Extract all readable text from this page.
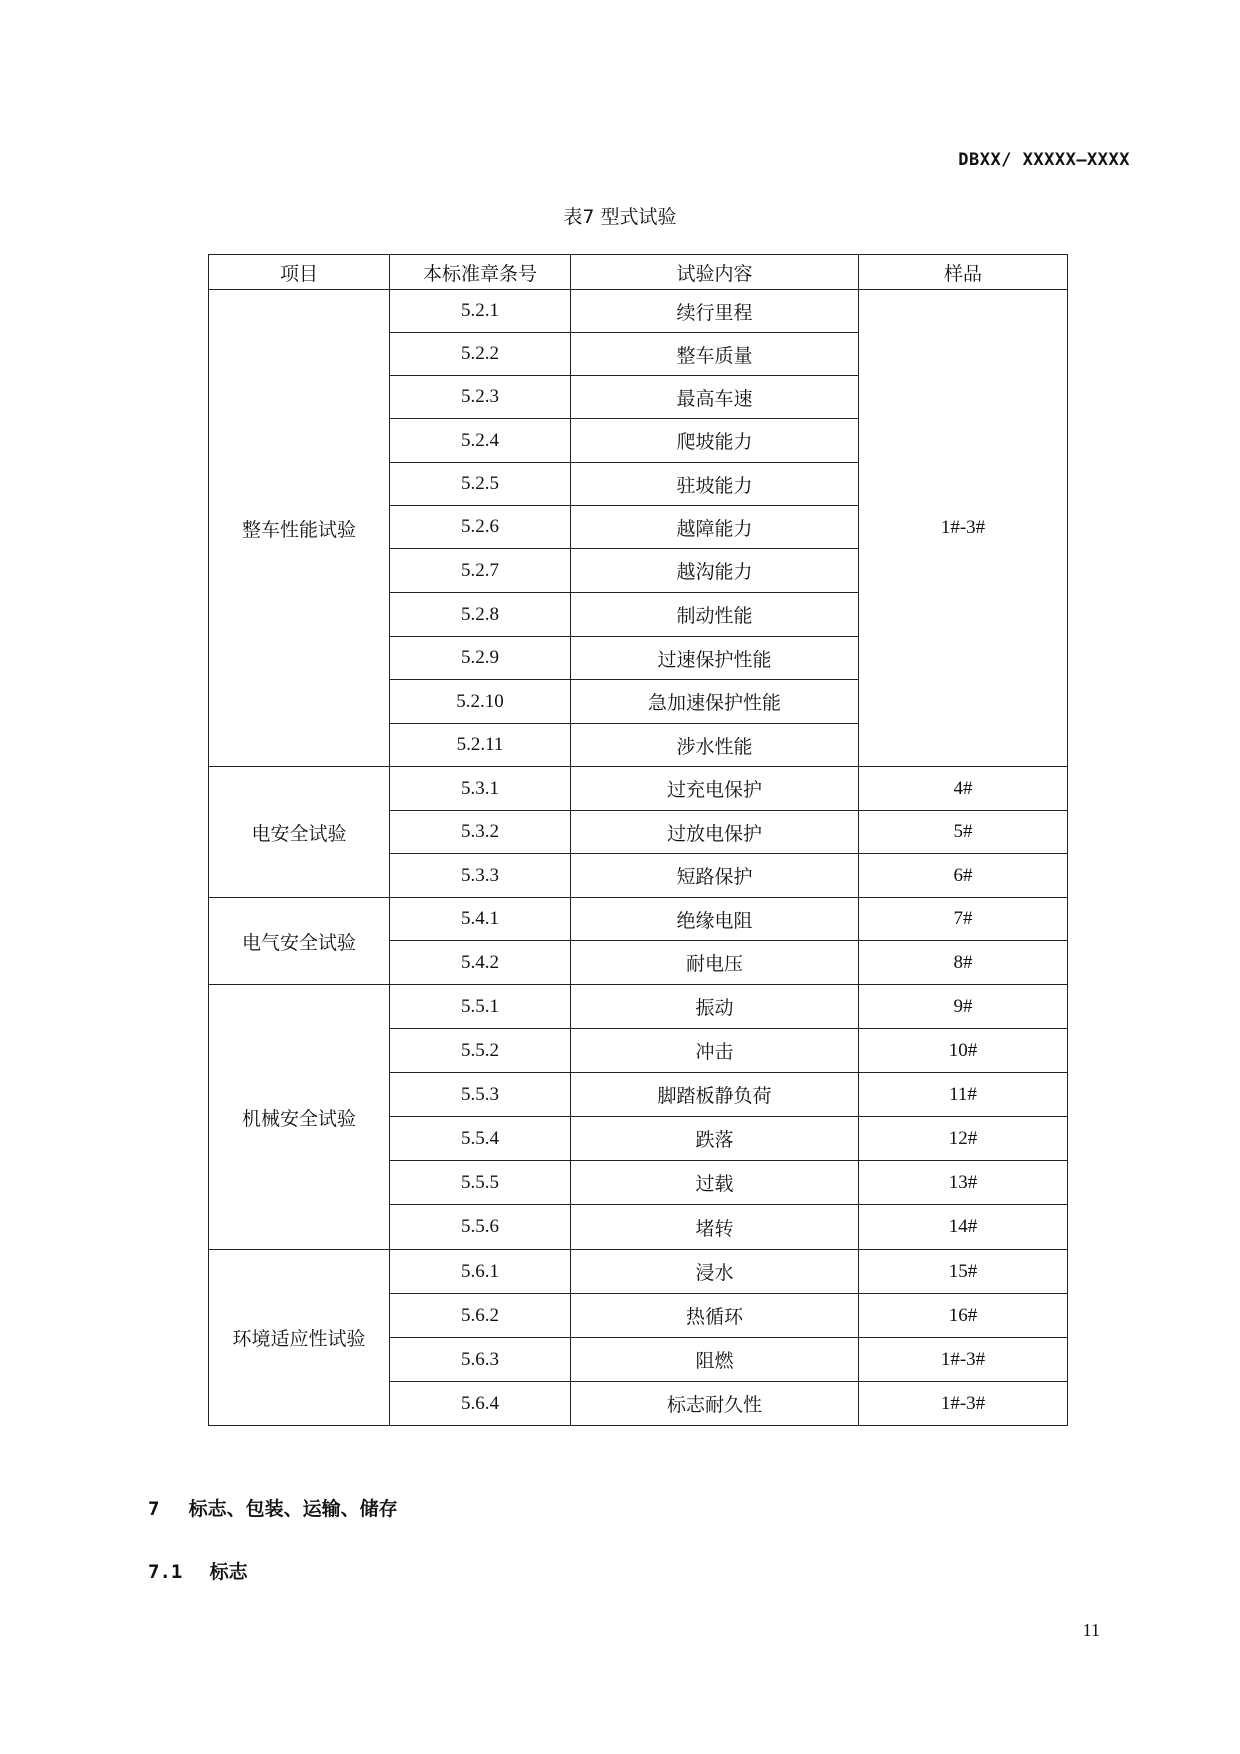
DBXX/ XXXXX—XXXX
表7 型式试验
项目	本标准章条号	试验内容	样品
整车性能试验	5.2.1	续行里程	1#-3#
	5.2.2	整车质量	
	5.2.3	最高车速	
	5.2.4	爬坡能力	
	5.2.5	驻坡能力	
	5.2.6	越障能力	
	5.2.7	越沟能力	
	5.2.8	制动性能	
	5.2.9	过速保护性能	
	5.2.10	急加速保护性能	
	5.2.11	涉水性能	
电安全试验	5.3.1	过充电保护	4#
	5.3.2	过放电保护	5#
	5.3.3	短路保护	6#
电气安全试验	5.4.1	绝缘电阻	7#
	5.4.2	耐电压	8#
机械安全试验	5.5.1	振动	9#
	5.5.2	冲击	10#
	5.5.3	脚踏板静负荷	11#
	5.5.4	跌落	12#
	5.5.5	过载	13#
	5.5.6	堵转	14#
环境适应性试验	5.6.1	浸水	15#
	5.6.2	热循环	16#
	5.6.3	阻燃	1#-3#
	5.6.4	标志耐久性	1#-3#
7 标志、包装、运输、储存
7.1 标志
11
